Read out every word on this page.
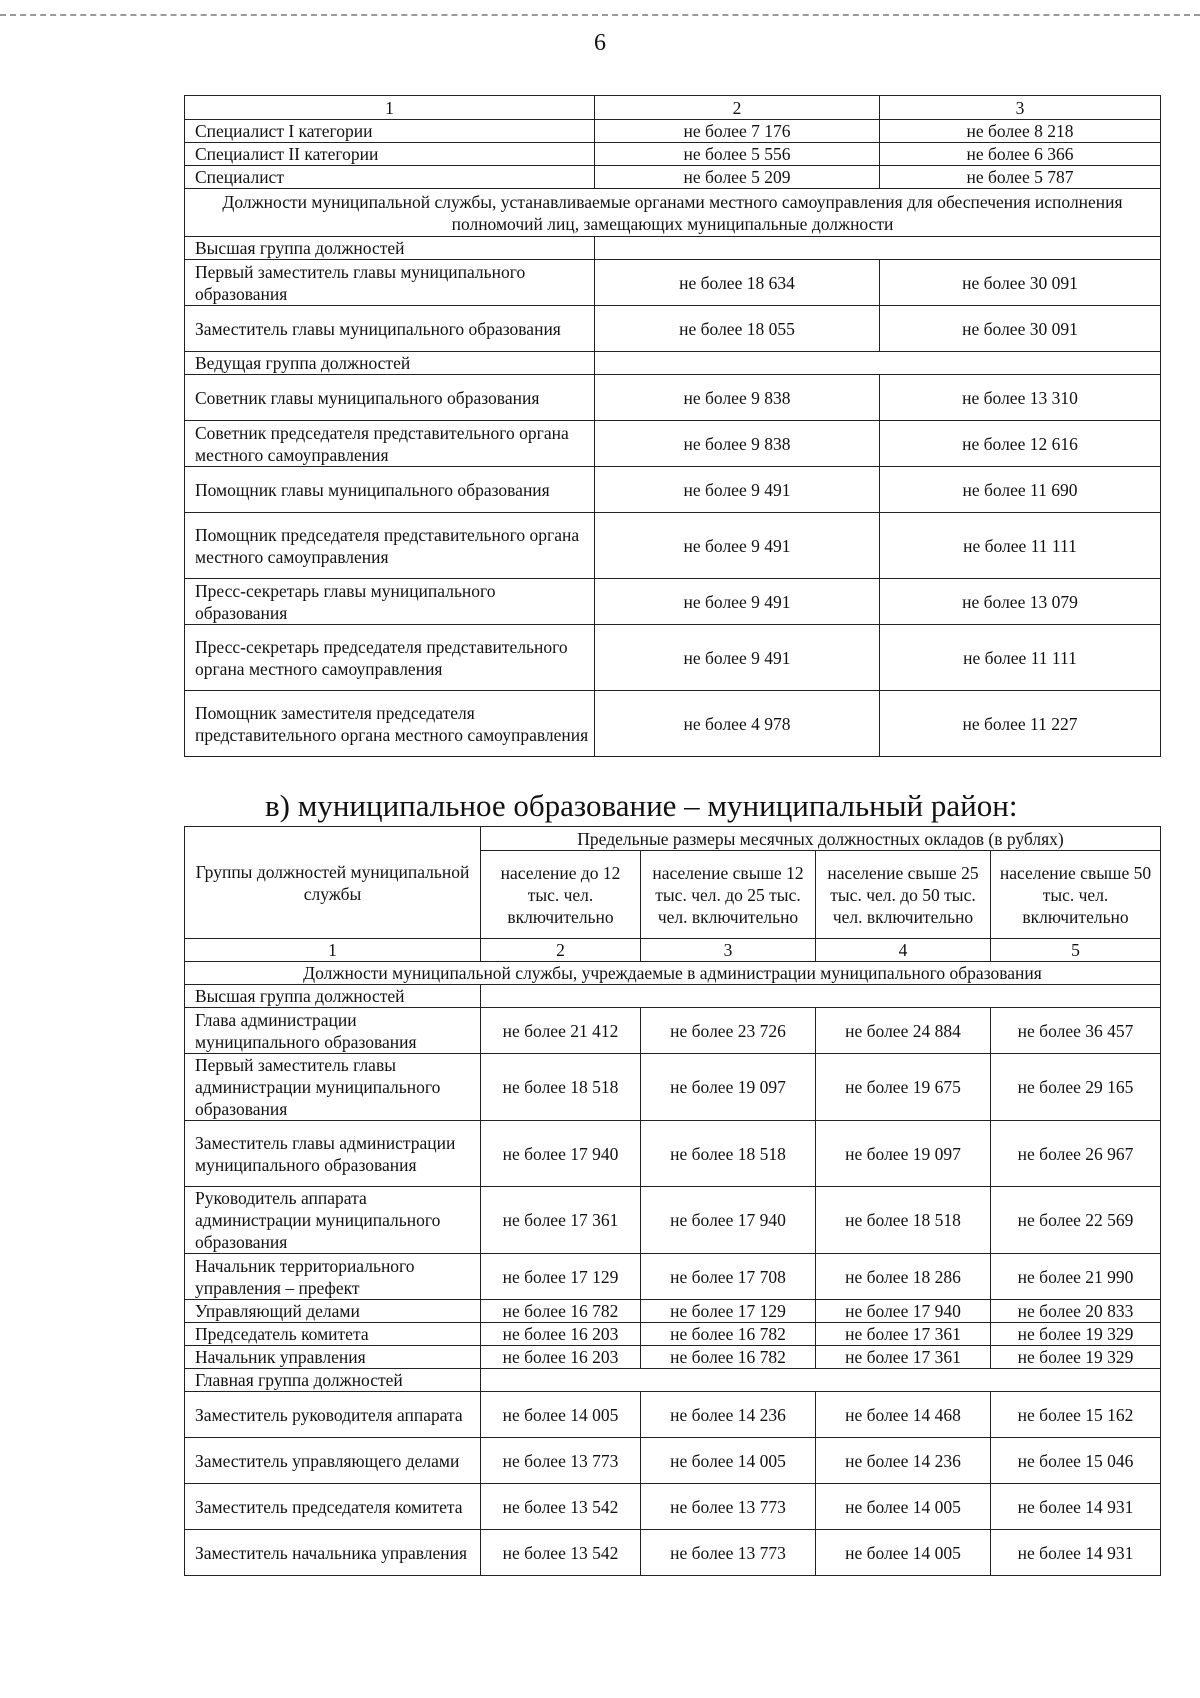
6
1	2	3
Специалист I категории	не более 7 176	не более 8 218
Специалист II категории	не более 5 556	не более 6 366
Специалист	не более 5 209	не более 5 787
Должности муниципальной службы, устанавливаемые органами местного самоуправления для обеспечения исполнения полномочий лиц, замещающих муниципальные должности		
Высшая группа должностей		
Первый заместитель главы муниципального образования	не более 18 634	не более 30 091
Заместитель главы муниципального образования	не более 18 055	не более 30 091
Ведущая группа должностей		
Советник главы муниципального образования	не более 9 838	не более 13 310
Советник председателя представительного органа местного самоуправления	не более 9 838	не более 12 616
Помощник главы муниципального образования	не более 9 491	не более 11 690
Помощник председателя представительного органа местного самоуправления	не более 9 491	не более 11 111
Пресс-секретарь главы муниципального образования	не более 9 491	не более 13 079
Пресс-секретарь председателя представительного органа местного самоуправления	не более 9 491	не более 11 111
Помощник заместителя председателя представительного органа местного самоуправления	не более 4 978	не более 11 227
в) муниципальное образование – муниципальный район:
Группы должностей муниципальной службы	Предельные размеры месячных должностных окладов (в рублях)			
	население до 12 тыс. чел. включительно	население свыше 12 тыс. чел. до 25 тыс. чел. включительно	население свыше 25 тыс. чел. до 50 тыс. чел. включительно	население свыше 50 тыс. чел. включительно
1	2	3	4	5
Должности муниципальной службы, учреждаемые в администрации муниципального образования				
Высшая группа должностей				
Глава администрации муниципального образования	не более 21 412	не более 23 726	не более 24 884	не более 36 457
Первый заместитель главы администрации муниципального образования	не более 18 518	не более 19 097	не более 19 675	не более 29 165
Заместитель главы администрации муниципального образования	не более 17 940	не более 18 518	не более 19 097	не более 26 967
Руководитель аппарата администрации муниципального образования	не более 17 361	не более 17 940	не более 18 518	не более 22 569
Начальник территориального управления – префект	не более 17 129	не более 17 708	не более 18 286	не более 21 990
Управляющий делами	не более 16 782	не более 17 129	не более 17 940	не более 20 833
Председатель комитета	не более 16 203	не более 16 782	не более 17 361	не более 19 329
Начальник управления	не более 16 203	не более 16 782	не более 17 361	не более 19 329
Главная группа должностей				
Заместитель руководителя аппарата	не более 14 005	не более 14 236	не более 14 468	не более 15 162
Заместитель управляющего делами	не более 13 773	не более 14 005	не более 14 236	не более 15 046
Заместитель председателя комитета	не более 13 542	не более 13 773	не более 14 005	не более 14 931
Заместитель начальника управления	не более 13 542	не более 13 773	не более 14 005	не более 14 931
